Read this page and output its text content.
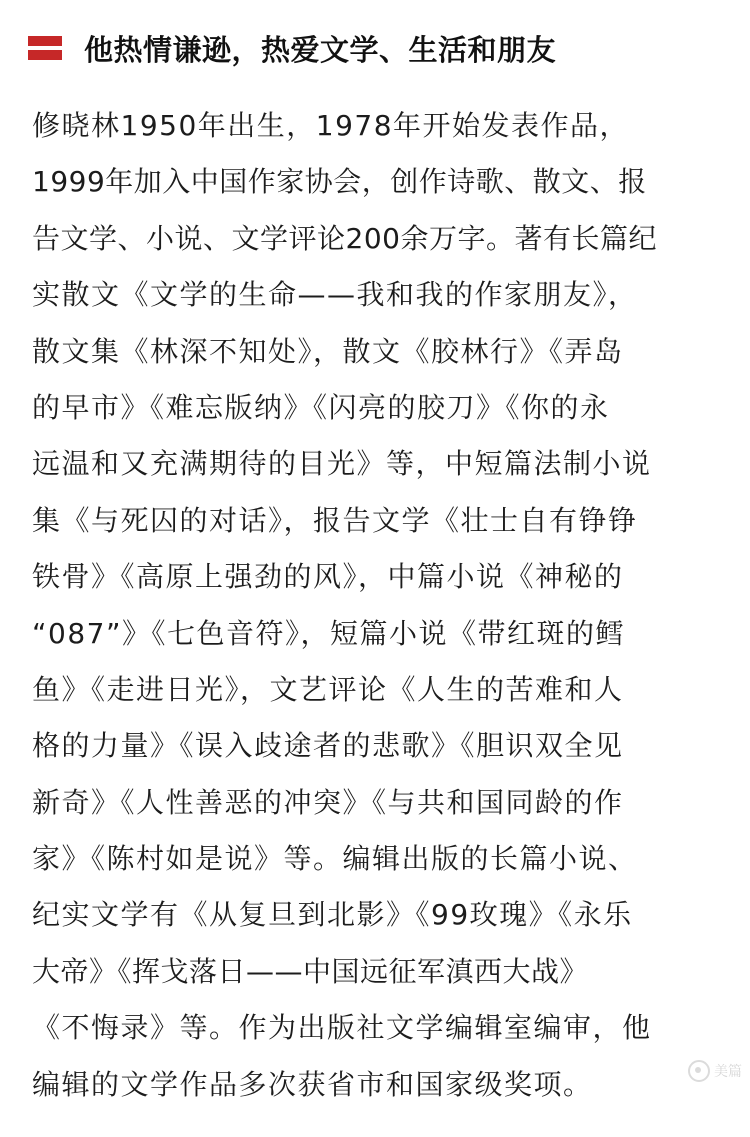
他热情谦逊，热爱文学、生活和朋友
修晓林1950年出生，1978年开始发表作品，
1999年加入中国作家协会，创作诗歌、散文、报
告文学、小说、文学评论200余万字。著有长篇纪
实散文《文学的生命——我和我的作家朋友》，
散文集《林深不知处》，散文《胶林行》《弄岛
的早市》《难忘版纳》《闪亮的胶刀》《你的永
远温和又充满期待的目光》等，中短篇法制小说
集《与死囚的对话》，报告文学《壮士自有铮铮
铁骨》《高原上强劲的风》，中篇小说《神秘的
“087”》《七色音符》，短篇小说《带红斑的鳕
鱼》《走进日光》，文艺评论《人生的苦难和人
格的力量》《误入歧途者的悲歌》《胆识双全见
新奇》《人性善恶的冲突》《与共和国同龄的作
家》《陈村如是说》等。编辑出版的长篇小说、
纪实文学有《从复旦到北影》《99玫瑰》《永乐
大帝》《挥戈落日——中国远征军滇西大战》
《不悔录》等。作为出版社文学编辑室编审，他
编辑的文学作品多次获省市和国家级奖项。	美篇
